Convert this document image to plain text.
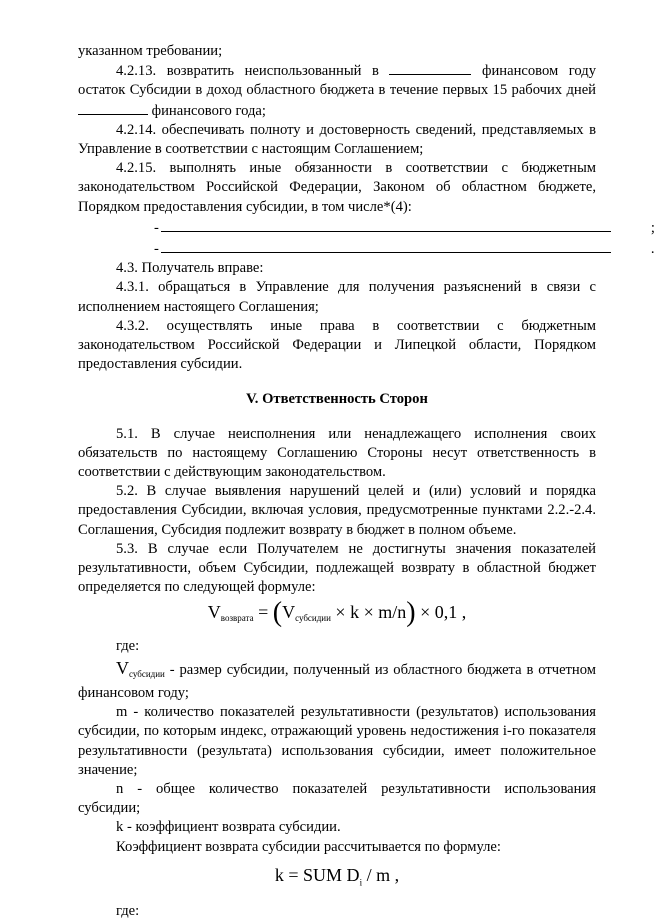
указанном требовании;

4.2.13. возвратить неиспользованный в	финансовом году остаток Субсидии в доход областного бюджета в течение первых 15 рабочих дней  финансового года;

4.2.14. обеспечивать полноту и достоверность сведений, представляемых в Управление в соответствии с настоящим Соглашением;

4.2.15. выполнять иные обязанности в соответствии с бюджетным законодательством Российской Федерации, Законом об областном бюджете, Порядком предоставления субсидии, в том числе*(4):

-	;
-	.

4.3. Получатель вправе:

4.3.1. обращаться в Управление для получения разъяснений в связи с исполнением настоящего Соглашения;

4.3.2. осуществлять иные права в соответствии с бюджетным законодательством Российской Федерации и Липецкой области, Порядком предоставления субсидии.

V. Ответственность Сторон

5.1. В случае неисполнения или ненадлежащего исполнения своих обязательств по настоящему Соглашению Стороны несут ответственность в соответствии с действующим законодательством.

5.2. В случае выявления нарушений целей и (или) условий и порядка предоставления Субсидии, включая условия, предусмотренные пунктами 2.2.-2.4. Соглашения, Субсидия подлежит возврату в бюджет в полном объеме.

5.3. В случае если Получателем не достигнуты значения показателей результативности, объем Субсидии, подлежащей возврату в областной бюджет определяется по следующей формуле:

$V_{возврата} = (V_{субсидии} \times k \times m/n) \times 0,1$ ,

где:

$V_{субсидии}$ - размер субсидии, полученный из областного бюджета в отчетном финансовом году;

m - количество показателей результативности (результатов) использования субсидии, по которым индекс, отражающий уровень недостижения i-го показателя результативности (результата) использования субсидии, имеет положительное значение;

n - общее количество показателей результативности использования субсидии;

k - коэффициент возврата субсидии.

Коэффициент возврата субсидии рассчитывается по формуле:

k = SUM $D_i$ / m ,

где:
